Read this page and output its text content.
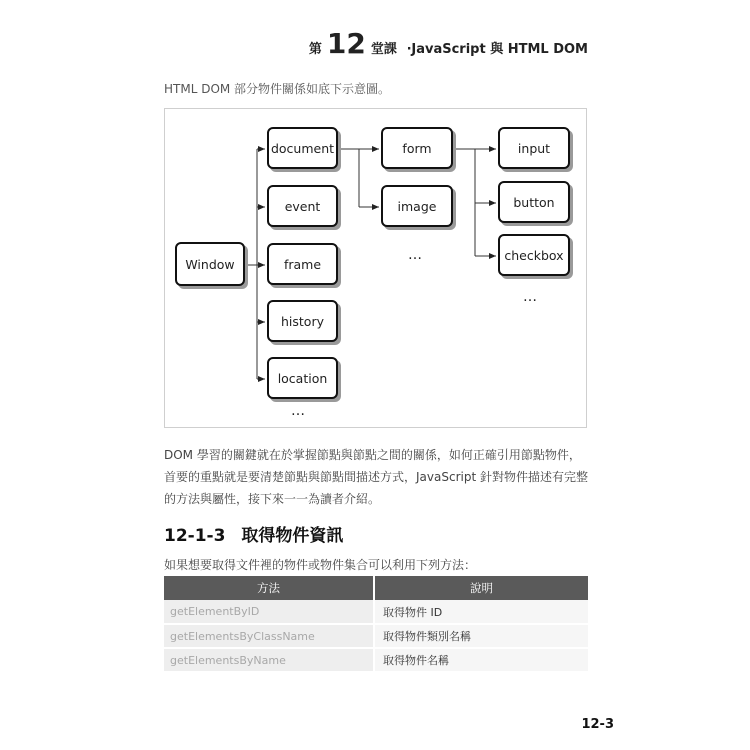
第 12 堂課 ‧JavaScript 與 HTML DOM
HTML DOM 部分物件關係如底下示意圖。
Window
document
event
frame
history
location
…
form
image
…
input
button
checkbox
…
DOM 學習的關鍵就在於掌握節點與節點之間的關係，如何正確引用節點物件，
首要的重點就是要清楚節點與節點間描述方式，JavaScript 針對物件描述有完整
的方法與屬性，接下來一一為讀者介紹。
12-1-3 取得物件資訊
如果想要取得文件裡的物件或物件集合可以利用下列方法：
方法	說明
getElementByID	取得物件 ID
getElementsByClassName	取得物件類別名稱
getElementsByName	取得物件名稱
12-3
